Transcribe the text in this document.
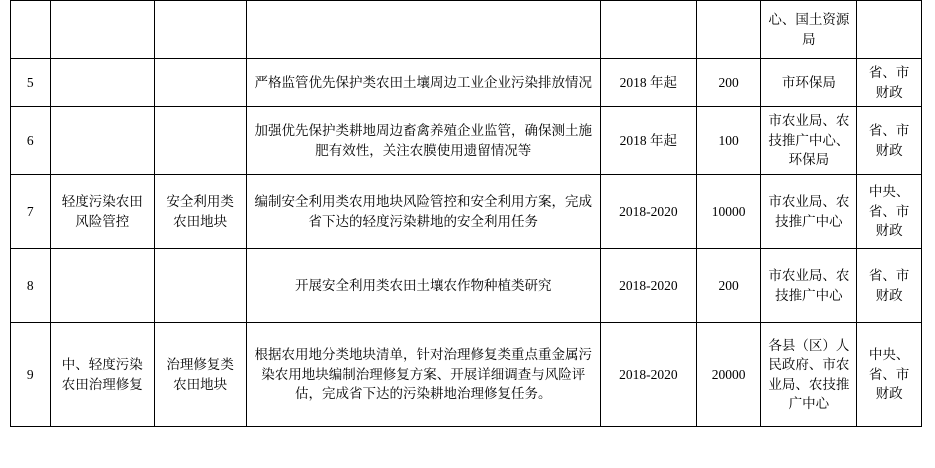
						心、国土资源局	
5			严格监管优先保护类农田土壤周边工业企业污染排放情况	2018 年起	200	市环保局	省、市财政
6			加强优先保护类耕地周边畜禽养殖企业监管，确保测土施肥有效性，关注农膜使用遗留情况等	2018 年起	100	市农业局、农技推广中心、环保局	省、市财政
7	轻度污染农田风险管控	安全利用类农田地块	编制安全利用类农用地块风险管控和安全利用方案，完成省下达的轻度污染耕地的安全利用任务	2018-2020	10000	市农业局、农技推广中心	中央、省、市财政
8			开展安全利用类农田土壤农作物种植类研究	2018-2020	200	市农业局、农技推广中心	省、市财政
9	中、轻度污染农田治理修复	治理修复类农田地块	根据农用地分类地块清单，针对治理修复类重点重金属污染农用地块编制治理修复方案、开展详细调查与风险评估，完成省下达的污染耕地治理修复任务。	2018-2020	20000	各县（区）人民政府、市农业局、农技推广中心	中央、省、市财政
